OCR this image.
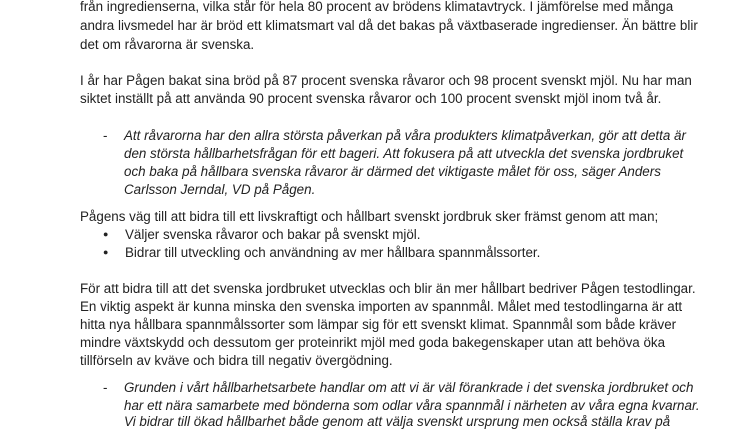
från ingredienserna, vilka står för hela 80 procent av brödens klimatavtryck. I jämförelse med många
andra livsmedel har är bröd ett klimatsmart val då det bakas på växtbaserade ingredienser. Än bättre blir
det om råvarorna är svenska.
I år har Pågen bakat sina bröd på 87 procent svenska råvaror och 98 procent svenskt mjöl. Nu har man
siktet inställt på att använda 90 procent svenska råvaror och 100 procent svenskt mjöl inom två år.
- Att råvarorna har den allra största påverkan på våra produkters klimatpåverkan, gör att detta är
den största hållbarhetsfrågan för ett bageri. Att fokusera på att utveckla det svenska jordbruket
och baka på hållbara svenska råvaror är därmed det viktigaste målet för oss, säger Anders
Carlsson Jerndal, VD på Pågen.
Pågens väg till att bidra till ett livskraftigt och hållbart svenskt jordbruk sker främst genom att man;
● Väljer svenska råvaror och bakar på svenskt mjöl.
● Bidrar till utveckling och användning av mer hållbara spannmålssorter.
För att bidra till att det svenska jordbruket utvecklas och blir än mer hållbart bedriver Pågen testodlingar.
En viktig aspekt är kunna minska den svenska importen av spannmål. Målet med testodlingarna är att
hitta nya hållbara spannmålssorter som lämpar sig för ett svenskt klimat. Spannmål som både kräver
mindre växtskydd och dessutom ger proteinrikt mjöl med goda bakegenskaper utan att behöva öka
tillförseln av kväve och bidra till negativ övergödning.
- Grunden i vårt hållbarhetsarbete handlar om att vi är väl förankrade i det svenska jordbruket och
har ett nära samarbete med bönderna som odlar våra spannmål i närheten av våra egna kvarnar.
Vi bidrar till ökad hållbarhet både genom att välja svenskt ursprung men också ställa krav på
